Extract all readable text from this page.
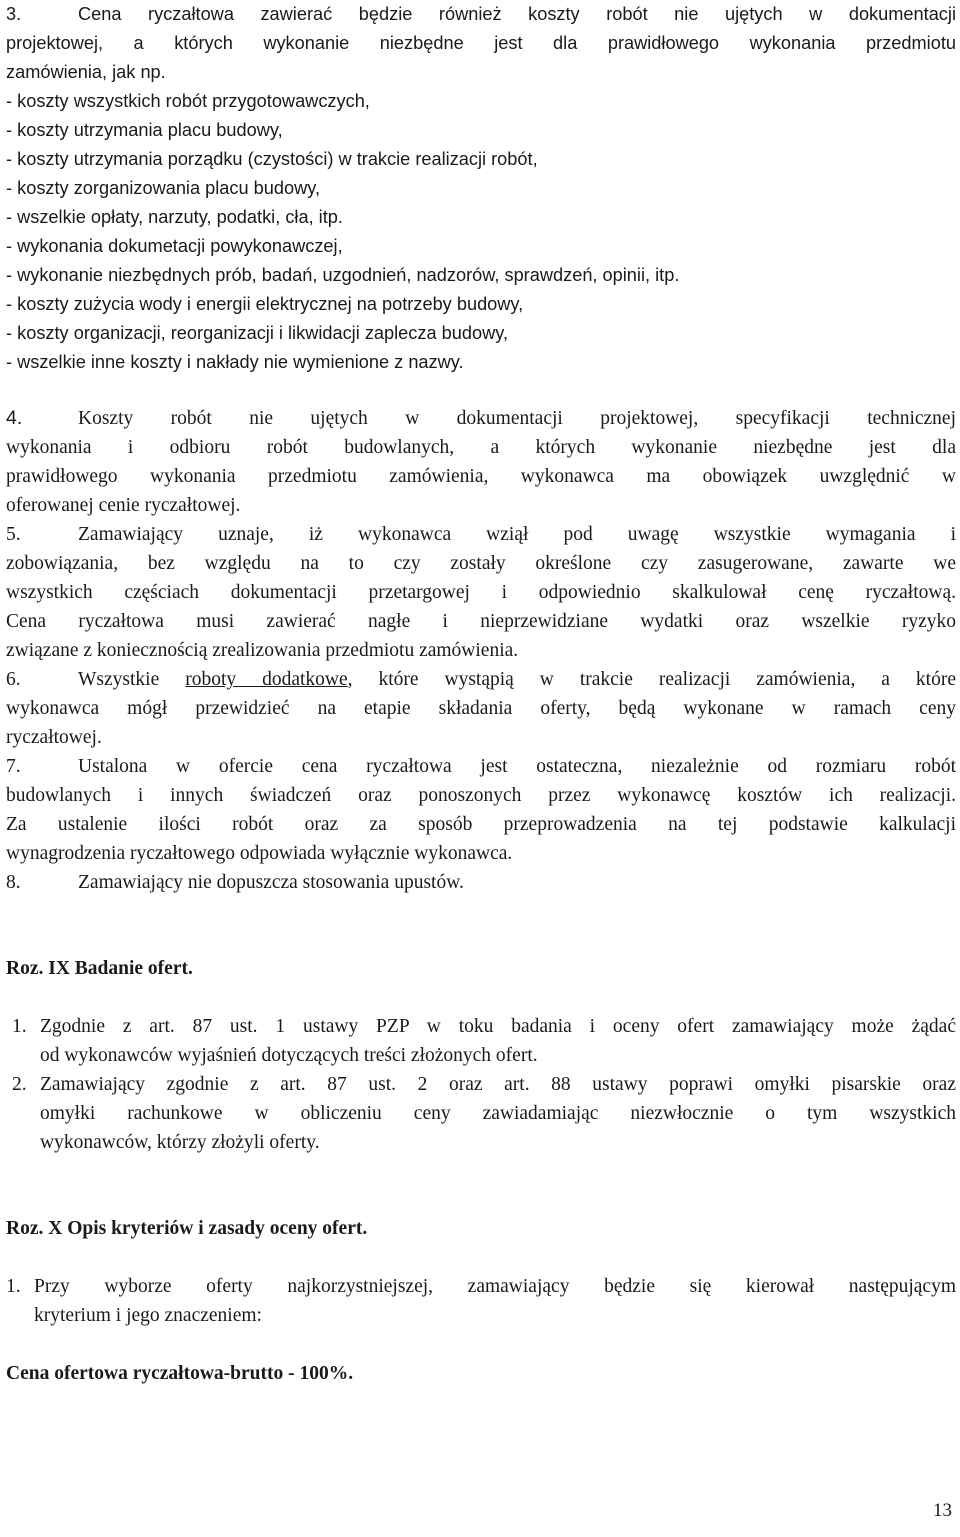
3.	Cena ryczałtowa zawierać będzie również koszty robót nie ujętych w dokumentacji
projektowej, a których wykonanie niezbędne jest dla prawidłowego wykonania przedmiotu
zamówienia, jak np.
- koszty wszystkich robót przygotowawczych,
- koszty utrzymania placu budowy,
- koszty utrzymania porządku (czystości) w trakcie realizacji robót,
- koszty zorganizowania placu budowy,
- wszelkie opłaty, narzuty, podatki, cła, itp.
- wykonania dokumetacji powykonawczej,
- wykonanie niezbędnych prób, badań, uzgodnień, nadzorów, sprawdzeń, opinii, itp.
- koszty zużycia wody i energii elektrycznej na potrzeby budowy,
- koszty organizacji, reorganizacji i likwidacji zaplecza budowy,
- wszelkie inne koszty i nakłady nie wymienione z nazwy.
4.	Koszty robót nie ujętych w dokumentacji projektowej, specyfikacji technicznej
wykonania i odbioru robót budowlanych, a których wykonanie niezbędne jest dla
prawidłowego wykonania przedmiotu zamówienia, wykonawca ma obowiązek uwzględnić w
oferowanej cenie ryczałtowej.
5.	Zamawiający uznaje, iż wykonawca wziął pod uwagę wszystkie wymagania i
zobowiązania, bez względu na to czy zostały określone czy zasugerowane, zawarte we
wszystkich częściach dokumentacji przetargowej i odpowiednio skalkulował cenę ryczałtową.
Cena ryczałtowa musi zawierać nagłe i nieprzewidziane wydatki oraz wszelkie ryzyko
związane z koniecznością zrealizowania przedmiotu zamówienia.
6.	Wszystkie roboty dodatkowe, które wystąpią w trakcie realizacji zamówienia, a które
wykonawca mógł przewidzieć na etapie składania oferty, będą wykonane w ramach ceny
ryczałtowej.
7.	Ustalona w ofercie cena ryczałtowa jest ostateczna, niezależnie od rozmiaru robót
budowlanych i innych świadczeń oraz ponoszonych przez wykonawcę kosztów ich realizacji.
Za ustalenie ilości robót oraz za sposób przeprowadzenia na tej podstawie kalkulacji
wynagrodzenia ryczałtowego odpowiada wyłącznie wykonawca.
8.	Zamawiający nie dopuszcza stosowania upustów.
Roz. IX Badanie ofert.
1. Zgodnie z art. 87 ust. 1 ustawy PZP w toku badania i oceny ofert zamawiający może żądać
od wykonawców wyjaśnień dotyczących treści złożonych ofert.
2. Zamawiający zgodnie z art. 87 ust. 2 oraz art. 88 ustawy poprawi omyłki pisarskie oraz
omyłki rachunkowe w obliczeniu ceny zawiadamiając niezwłocznie o tym wszystkich
wykonawców, którzy złożyli oferty.
Roz. X Opis kryteriów i zasady oceny ofert.
1. Przy wyborze oferty najkorzystniejszej, zamawiający będzie się kierował następującym
kryterium i jego znaczeniem:
Cena ofertowa ryczałtowa-brutto - 100%.
13
